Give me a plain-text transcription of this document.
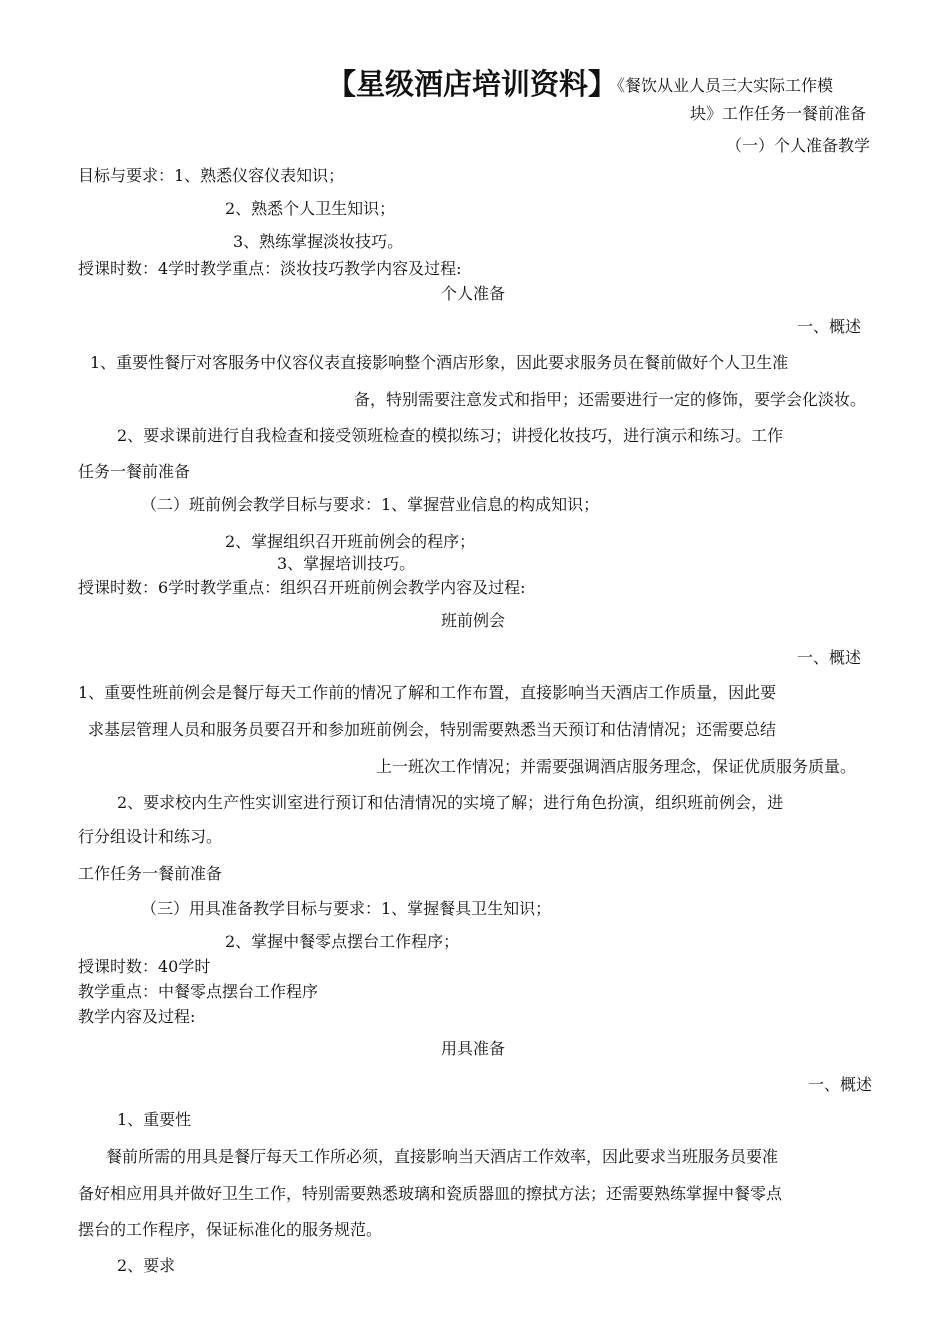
【星级酒店培训资料】《餐饮从业人员三大实际工作模
块》工作任务一餐前准备
（一）个人准备教学
目标与要求：1、熟悉仪容仪表知识；
2、熟悉个人卫生知识；
3、熟练掌握淡妆技巧。
授课时数：4学时教学重点：淡妆技巧教学内容及过程:
个人准备
一、概述
1、重要性餐厅对客服务中仪容仪表直接影响整个酒店形象，因此要求服务员在餐前做好个人卫生准
备，特别需要注意发式和指甲；还需要进行一定的修饰，要学会化淡妆。
2、要求课前进行自我检查和接受领班检查的模拟练习；讲授化妆技巧，进行演示和练习。工作
任务一餐前准备
（二）班前例会教学目标与要求：1、掌握营业信息的构成知识；
2、掌握组织召开班前例会的程序；
3、掌握培训技巧。
授课时数：6学时教学重点：组织召开班前例会教学内容及过程:
班前例会
一、概述
1、重要性班前例会是餐厅每天工作前的情况了解和工作布置，直接影响当天酒店工作质量，因此要
求基层管理人员和服务员要召开和参加班前例会，特别需要熟悉当天预订和估清情况；还需要总结
上一班次工作情况；并需要强调酒店服务理念，保证优质服务质量。
2、要求校内生产性实训室进行预订和估清情况的实境了解；进行角色扮演，组织班前例会，进
行分组设计和练习。
工作任务一餐前准备
（三）用具准备教学目标与要求：1、掌握餐具卫生知识；
2、掌握中餐零点摆台工作程序；
授课时数：40学时
教学重点：中餐零点摆台工作程序
教学内容及过程:
用具准备
一、概述
1、重要性
餐前所需的用具是餐厅每天工作所必须，直接影响当天酒店工作效率，因此要求当班服务员要准
备好相应用具并做好卫生工作，特别需要熟悉玻璃和瓷质器皿的擦拭方法；还需要熟练掌握中餐零点
摆台的工作程序，保证标准化的服务规范。
2、要求
